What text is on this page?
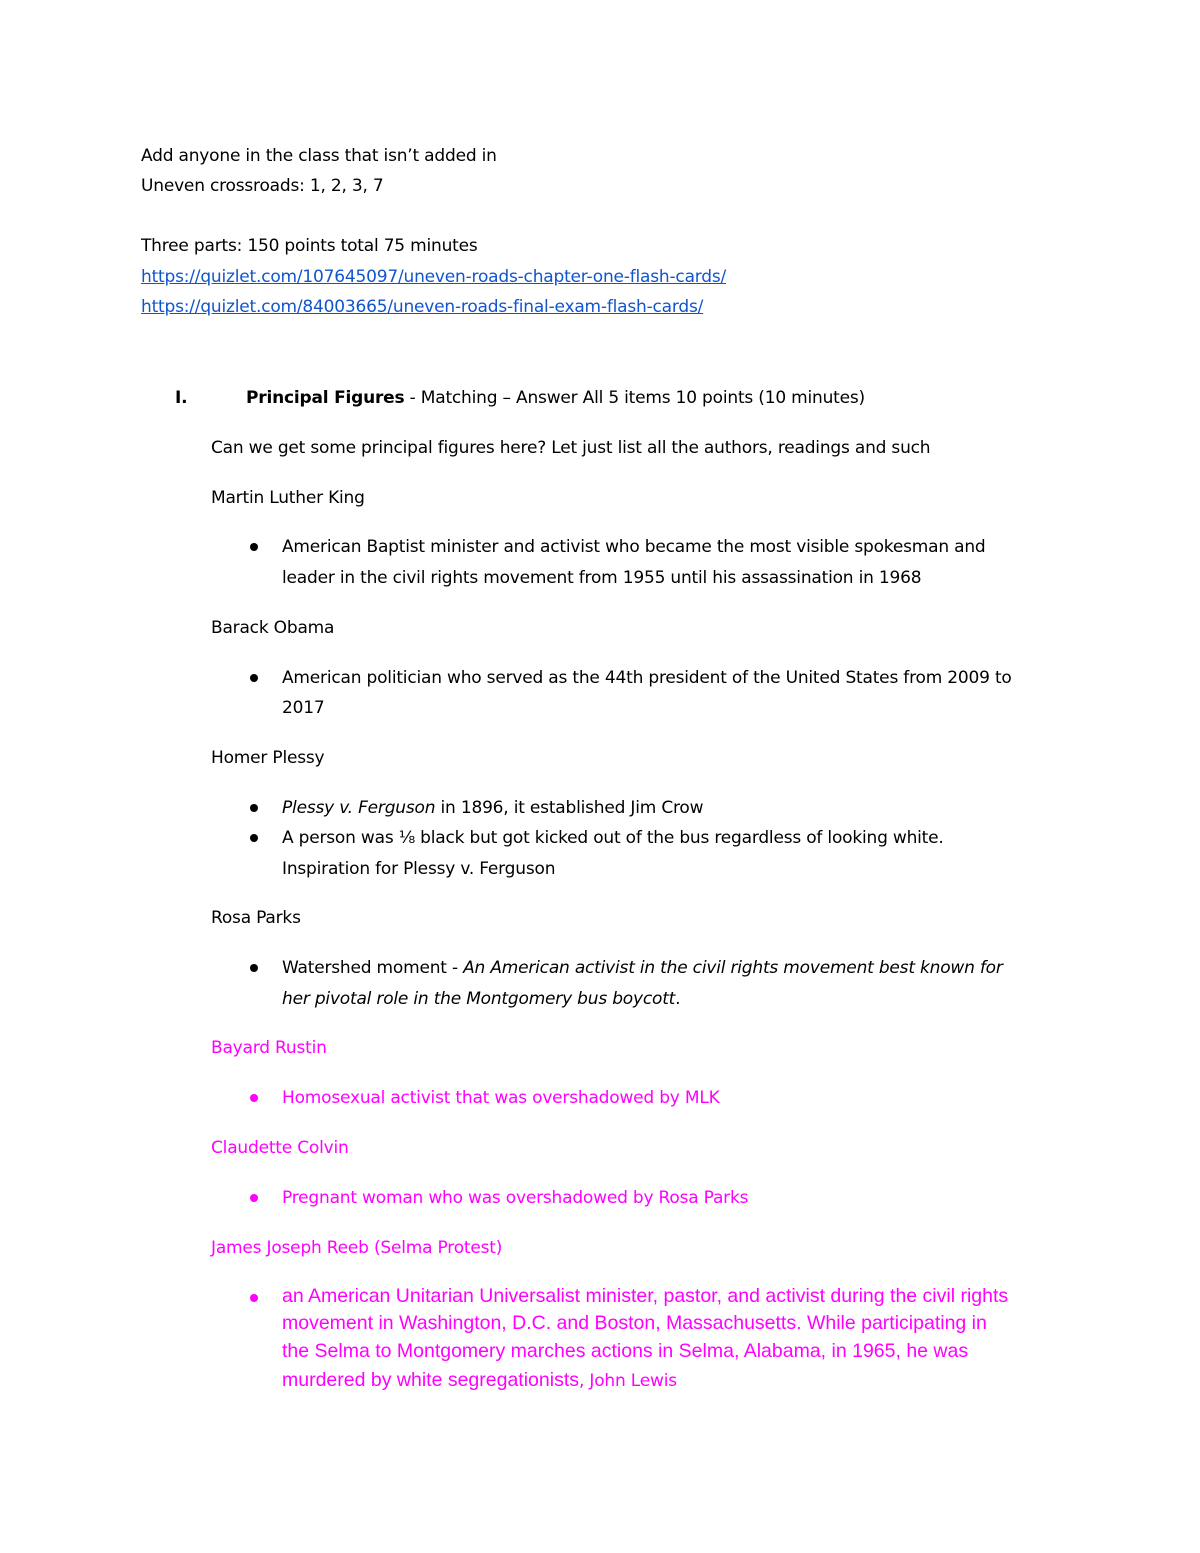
Add anyone in the class that isn’t added in
Uneven crossroads: 1, 2, 3, 7
Three parts: 150 points total 75 minutes
https://quizlet.com/107645097/uneven-roads-chapter-one-flash-cards/
https://quizlet.com/84003665/uneven-roads-final-exam-flash-cards/
I.	Principal Figures - Matching – Answer All 5 items 10 points (10 minutes)
Can we get some principal figures here? Let just list all the authors, readings and such
Martin Luther King
American Baptist minister and activist who became the most visible spokesman and
leader in the civil rights movement from 1955 until his assassination in 1968
Barack Obama
American politician who served as the 44th president of the United States from 2009 to
2017
Homer Plessy
Plessy v. Ferguson in 1896, it established Jim Crow
A person was ⅛ black but got kicked out of the bus regardless of looking white.
Inspiration for Plessy v. Ferguson
Rosa Parks
Watershed moment - An American activist in the civil rights movement best known for
her pivotal role in the Montgomery bus boycott.
Bayard Rustin
Homosexual activist that was overshadowed by MLK
Claudette Colvin
Pregnant woman who was overshadowed by Rosa Parks
James Joseph Reeb (Selma Protest)
an American Unitarian Universalist minister, pastor, and activist during the civil rights
movement in Washington, D.C. and Boston, Massachusetts. While participating in
the Selma to Montgomery marches actions in Selma, Alabama, in 1965, he was
murdered by white segregationists, John Lewis
